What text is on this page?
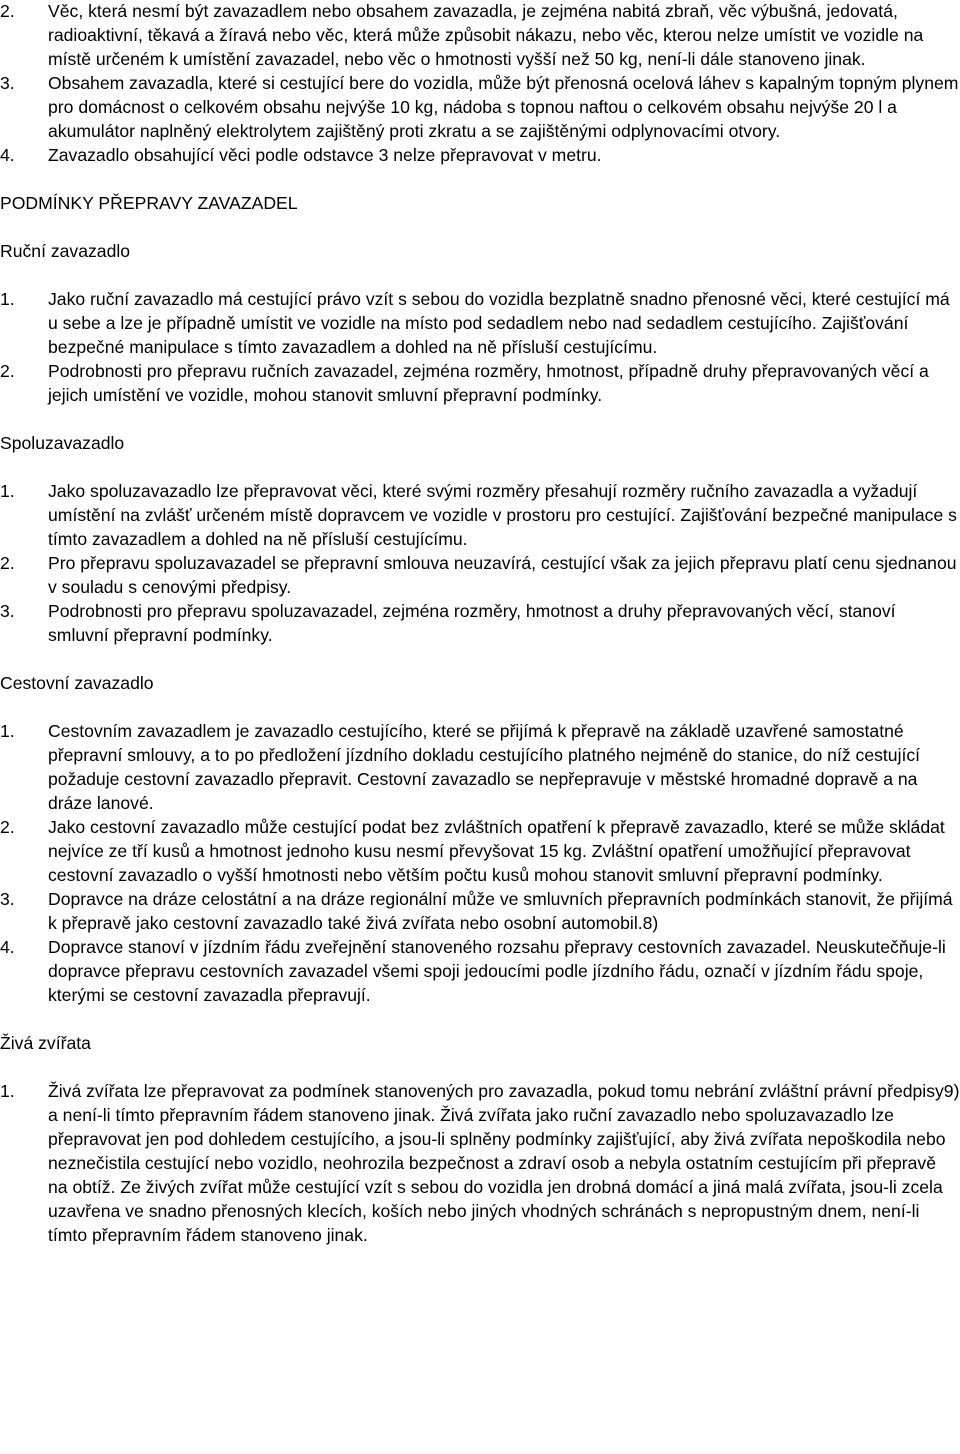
2. Věc, která nesmí být zavazadlem nebo obsahem zavazadla, je zejména nabitá zbraň, věc výbušná, jedovatá, radioaktivní, těkavá a žíravá nebo věc, která může způsobit nákazu, nebo věc, kterou nelze umístit ve vozidle na místě určeném k umístění zavazadel, nebo věc o hmotnosti vyšší než 50 kg, není-li dále stanoveno jinak.
3. Obsahem zavazadla, které si cestující bere do vozidla, může být přenosná ocelová láhev s kapalným topným plynem pro domácnost o celkovém obsahu nejvýše 10 kg, nádoba s topnou naftou o celkovém obsahu nejvýše 20 l a akumulátor naplněný elektrolytem zajištěný proti zkratu a se zajištěnými odplynovacími otvory.
4. Zavazadlo obsahující věci podle odstavce 3 nelze přepravovat v metru.
PODMÍNKY PŘEPRAVY ZAVAZADEL
Ruční zavazadlo
1. Jako ruční zavazadlo má cestující právo vzít s sebou do vozidla bezplatně snadno přenosné věci, které cestující má u sebe a lze je případně umístit ve vozidle na místo pod sedadlem nebo nad sedadlem cestujícího. Zajišťování bezpečné manipulace s tímto zavazadlem a dohled na ně přísluší cestujícímu.
2. Podrobnosti pro přepravu ručních zavazadel, zejména rozměry, hmotnost, případně druhy přepravovaných věcí a jejich umístění ve vozidle, mohou stanovit smluvní přepravní podmínky.
Spoluzavazadlo
1. Jako spoluzavazadlo lze přepravovat věci, které svými rozměry přesahují rozměry ručního zavazadla a vyžadují umístění na zvlášť určeném místě dopravcem ve vozidle v prostoru pro cestující. Zajišťování bezpečné manipulace s tímto zavazadlem a dohled na ně přísluší cestujícímu.
2. Pro přepravu spoluzavazadel se přepravní smlouva neuzavírá, cestující však za jejich přepravu platí cenu sjednanou v souladu s cenovými předpisy.
3. Podrobnosti pro přepravu spoluzavazadel, zejména rozměry, hmotnost a druhy přepravovaných věcí, stanoví smluvní přepravní podmínky.
Cestovní zavazadlo
1. Cestovním zavazadlem je zavazadlo cestujícího, které se přijímá k přepravě na základě uzavřené samostatné přepravní smlouvy, a to po předložení jízdního dokladu cestujícího platného nejméně do stanice, do níž cestující požaduje cestovní zavazadlo přepravit. Cestovní zavazadlo se nepřepravuje v městské hromadné dopravě a na dráze lanové.
2. Jako cestovní zavazadlo může cestující podat bez zvláštních opatření k přepravě zavazadlo, které se může skládat nejvíce ze tří kusů a hmotnost jednoho kusu nesmí převyšovat 15 kg. Zvláštní opatření umožňující přepravovat cestovní zavazadlo o vyšší hmotnosti nebo větším počtu kusů mohou stanovit smluvní přepravní podmínky.
3. Dopravce na dráze celostátní a na dráze regionální může ve smluvních přepravních podmínkách stanovit, že přijímá k přepravě jako cestovní zavazadlo také živá zvířata nebo osobní automobil.8)
4. Dopravce stanoví v jízdním řádu zveřejnění stanoveného rozsahu přepravy cestovních zavazadel. Neuskutečňuje-li dopravce přepravu cestovních zavazadel všemi spoji jedoucími podle jízdního řádu, označí v jízdním řádu spoje, kterými se cestovní zavazadla přepravují.
Živá zvířata
1. Živá zvířata lze přepravovat za podmínek stanovených pro zavazadla, pokud tomu nebrání zvláštní právní předpisy9) a není-li tímto přepravním řádem stanoveno jinak. Živá zvířata jako ruční zavazadlo nebo spoluzavazadlo lze přepravovat jen pod dohledem cestujícího, a jsou-li splněny podmínky zajišťující, aby živá zvířata nepoškodila nebo neznečistila cestující nebo vozidlo, neohrozila bezpečnost a zdraví osob a nebyla ostatním cestujícím při přepravě na obtíž. Ze živých zvířat může cestující vzít s sebou do vozidla jen drobná domácí a jiná malá zvířata, jsou-li zcela uzavřena ve snadno přenosných klecích, koších nebo jiných vhodných schránách s nepropustným dnem, není-li tímto přepravním řádem stanoveno jinak.
